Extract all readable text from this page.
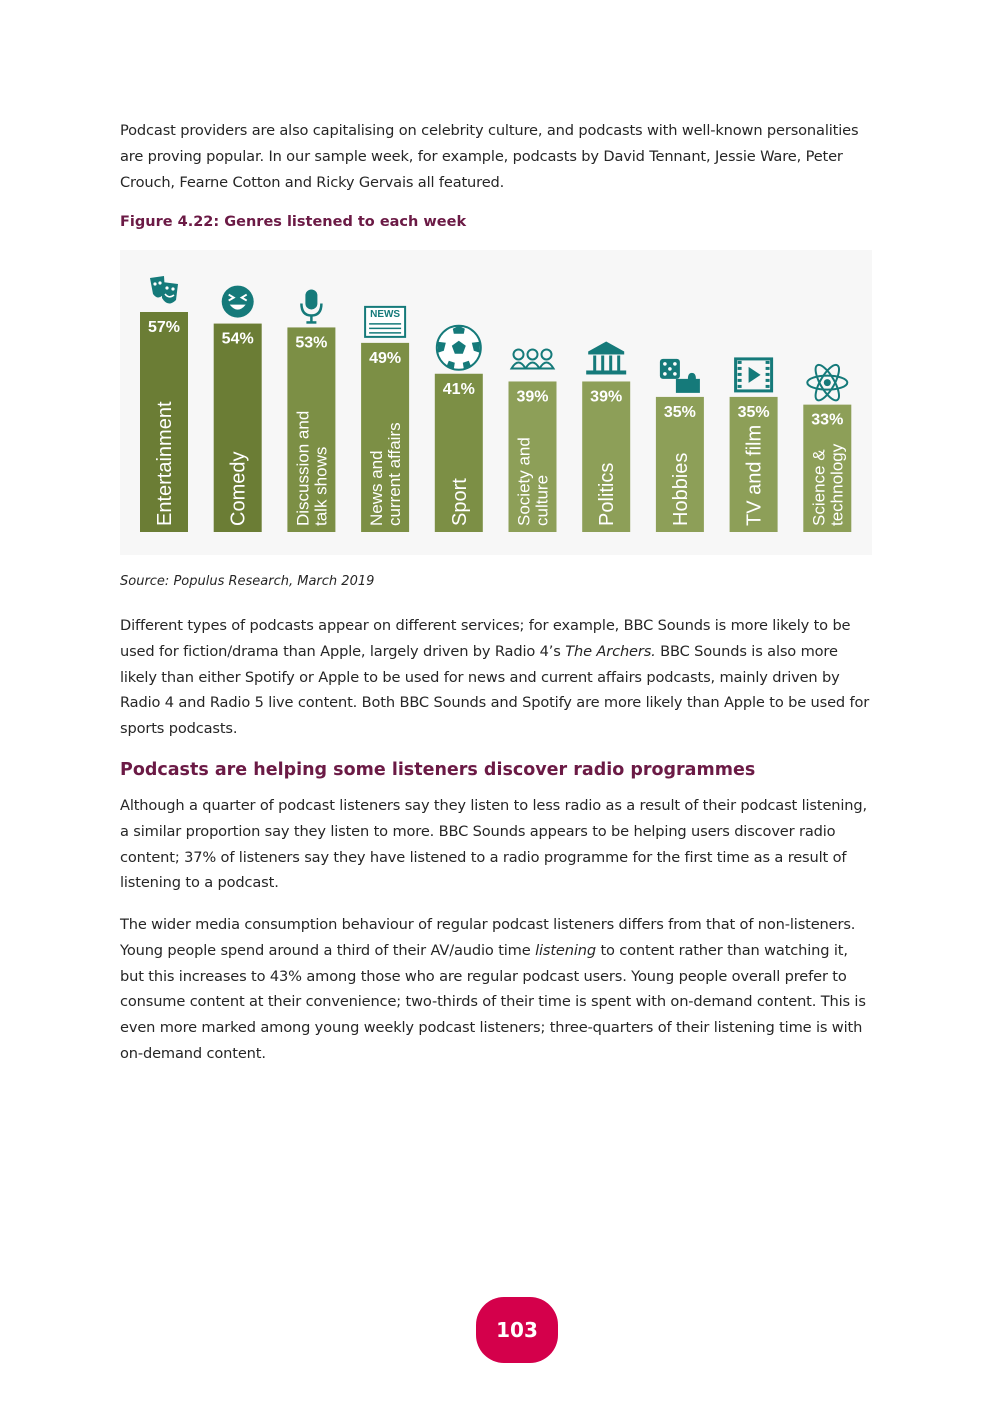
Podcast providers are also capitalising on celebrity culture, and podcasts with well-known personalities are proving popular. In our sample week, for example, podcasts by David Tennant, Jessie Ware, Peter Crouch, Fearne Cotton and Ricky Gervais all featured.

Figure 4.22: Genres listened to each week

57%
Entertainment
54%
Comedy
53%
Discussion andtalk shows
49%
News andcurrent affairs
NEWS
41%
Sport
39%
Society andculture
39%
Politics
35%
Hobbies
35%
TV and film
33%
Science &technology
Source: Populus Research, March 2019

Different types of podcasts appear on different services; for example, BBC Sounds is more likely to be used for fiction/drama than Apple, largely driven by Radio 4’s The Archers. BBC Sounds is also more likely than either Spotify or Apple to be used for news and current affairs podcasts, mainly driven by Radio 4 and Radio 5 live content. Both BBC Sounds and Spotify are more likely than Apple to be used for sports podcasts.

Podcasts are helping some listeners discover radio programmes

Although a quarter of podcast listeners say they listen to less radio as a result of their podcast listening, a similar proportion say they listen to more. BBC Sounds appears to be helping users discover radio content; 37% of listeners say they have listened to a radio programme for the first time as a result of listening to a podcast.

The wider media consumption behaviour of regular podcast listeners differs from that of non-listeners. Young people spend around a third of their AV/audio time listening to content rather than watching it, but this increases to 43% among those who are regular podcast users. Young people overall prefer to consume content at their convenience; two-thirds of their time is spent with on-demand content. This is even more marked among young weekly podcast listeners; three-quarters of their listening time is with on-demand content.

103
